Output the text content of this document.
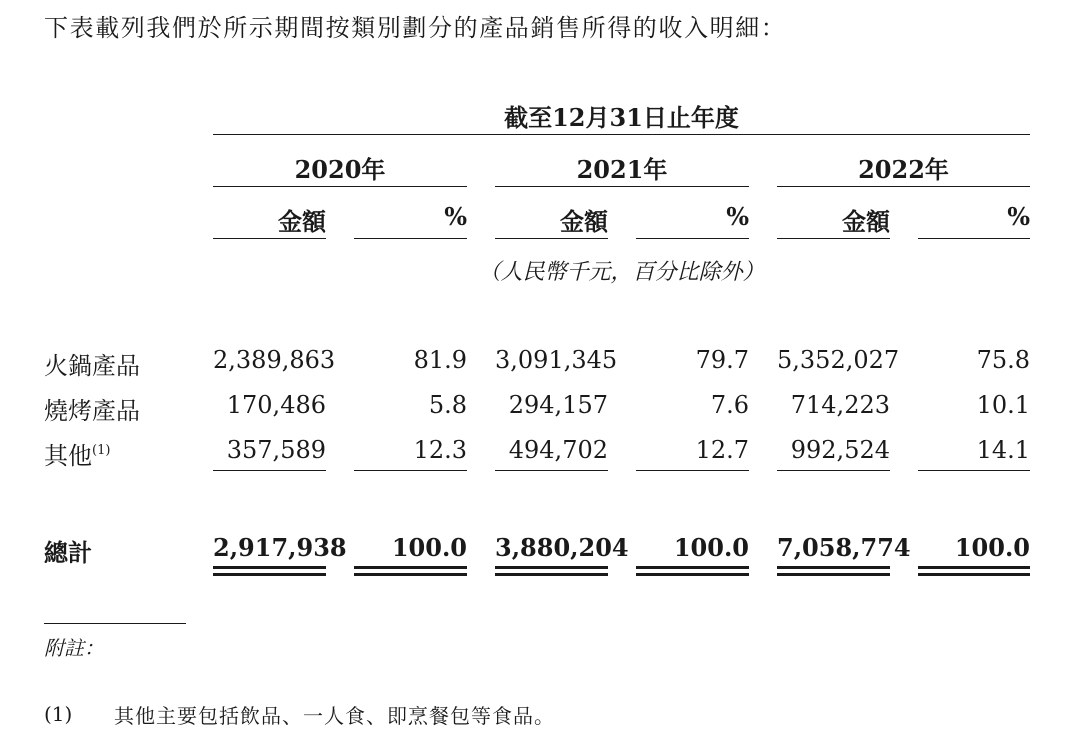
下表載列我們於所示期間按類別劃分的產品銷售所得的收入明細：
截至12月31日止年度
2020年	2021年	2022年
金額	%	金額	%	金額	%
（人民幣千元，百分比除外）
火鍋產品	2,389,863	81.9 3,091,345	79.7 5,352,027	75.8
燒烤產品	170,486	5.8	294,157	7.6	714,223	10.1
其他$^{(1)}$	357,589	12.3	494,702	12.7	992,524	14.1
總計	2,917,938	100.0 3,880,204	100.0 7,058,774	100.0
附註：
(1) 其他主要包括飲品、一人食、即烹餐包等食品。
